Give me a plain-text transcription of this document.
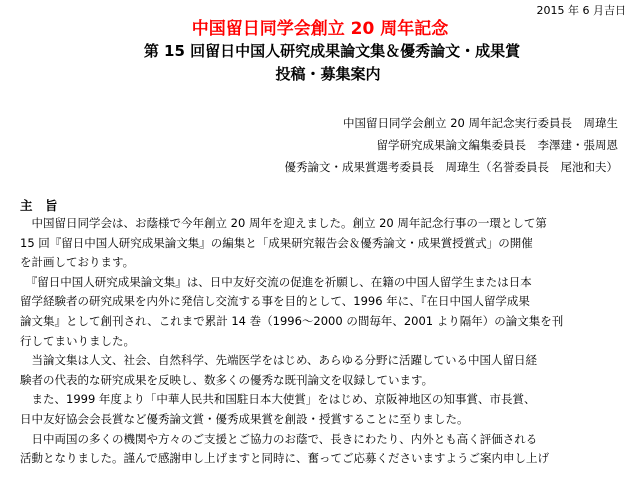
2015 年 6 月吉日
中国留日同学会創立 20 周年記念
第 15 回留日中国人研究成果論文集＆優秀論文・成果賞
投稿・募集案内
中国留日同学会創立 20 周年記念実行委員長　周瑋生
留学研究成果論文編集委員長　李澤建・張周恩
優秀論文・成果賞選考委員長　周瑋生（名誉委員長　尾池和夫）
主　旨
　中国留日同学会は、お蔭様で今年創立 20 周年を迎えました。創立 20 周年記念行事の一環として第
15 回『留日中国人研究成果論文集』の編集と「成果研究報告会＆優秀論文・成果賞授賞式」の開催
を計画しております。
　『留日中国人研究成果論文集』は、日中友好交流の促進を祈願し、在籍の中国人留学生または日本
留学経験者の研究成果を内外に発信し交流する事を目的として、1996 年に、『在日中国人留学成果
論文集』として創刊され、これまで累計 14 巻（1996～2000 の間毎年、2001 より隔年）の論文集を刊
行してまいりました。
　当論文集は人文、社会、自然科学、先端医学をはじめ、あらゆる分野に活躍している中国人留日経
験者の代表的な研究成果を反映し、数多くの優秀な既刊論文を収録しています。
　また、1999 年度より「中華人民共和国駐日本大使賞」をはじめ、京阪神地区の知事賞、市長賞、
日中友好協会会長賞など優秀論文賞・優秀成果賞を創設・授賞することに至りました。
　日中両国の多くの機関や方々のご支援とご協力のお蔭で、長きにわたり、内外とも高く評価される
活動となりました。謹んで感謝申し上げますと同時に、奮ってご応募くださいますようご案内申し上げ
